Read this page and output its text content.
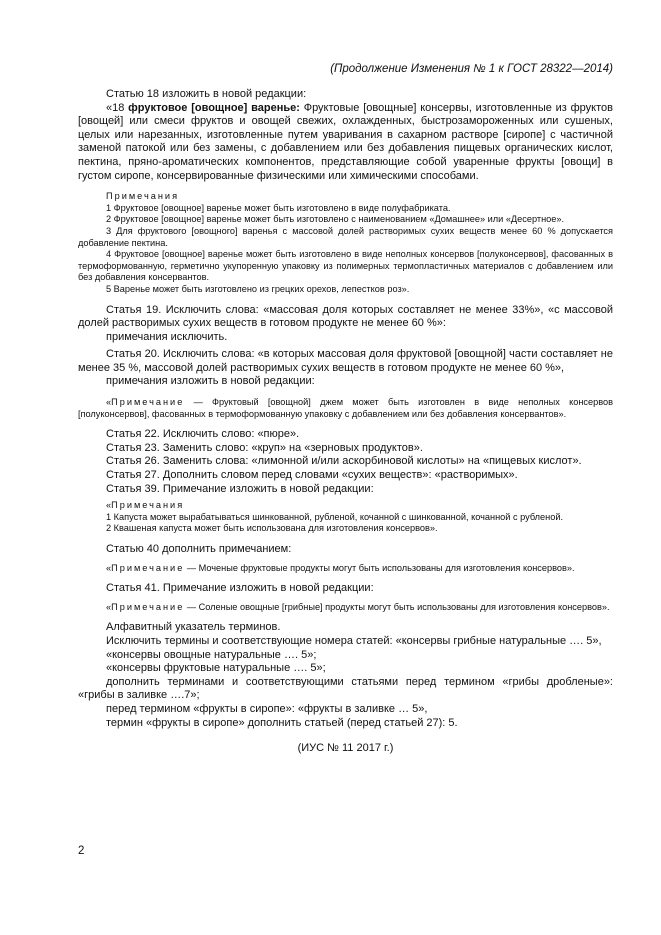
(Продолжение Изменения № 1 к ГОСТ 28322—2014)

Статью 18 изложить в новой редакции:

«18 фруктовое [овощное] варенье: Фруктовые [овощные] консервы, изготовленные из фруктов [овощей] или смеси фруктов и овощей свежих, охлажденных, быстрозамороженных или сушеных, целых или нарезанных, изготовленные путем уваривания в сахарном растворе [сиропе] с частичной заменой патокой или без замены, с добавлением или без добавления пищевых органических кислот, пектина, пряно-ароматических компонентов, представляющие собой уваренные фрукты [овощи] в густом сиропе, консервированные физическими или химическими способами.

Примечания

1 Фруктовое [овощное] варенье может быть изготовлено в виде полуфабриката.

2 Фруктовое [овощное] варенье может быть изготовлено с наименованием «Домашнее» или «Десертное».

3 Для фруктового [овощного] варенья с массовой долей растворимых сухих веществ менее 60 % допускается добавление пектина.

4 Фруктовое [овощное] варенье может быть изготовлено в виде неполных консервов [полуконсервов], фасованных в термоформованную, герметично укупоренную упаковку из полимерных термопластичных материалов с добавлением или без добавления консервантов.

5 Варенье может быть изготовлено из грецких орехов, лепестков роз».

Статья 19. Исключить слова: «массовая доля которых составляет не менее 33%», «с массовой долей растворимых сухих веществ в готовом продукте не менее 60 %»:

примечания исключить.

Статья 20. Исключить слова: «в которых массовая доля фруктовой [овощной] части составляет не менее 35 %, массовой долей растворимых сухих веществ в готовом продукте не менее 60 %»,

примечания изложить в новой редакции:

«Примечание — Фруктовый [овощной] джем может быть изготовлен в виде неполных консервов [полуконсервов], фасованных в термоформованную упаковку с добавлением или без добавления консервантов».

Статья 22. Исключить слово: «пюре».

Статья 23. Заменить слово: «круп» на «зерновых продуктов».

Статья 26. Заменить слова: «лимонной и/или аскорбиновой кислоты» на «пищевых кислот».

Статья 27. Дополнить словом перед словами «сухих веществ»: «растворимых».

Статья 39. Примечание изложить в новой редакции:

«Примечания

1 Капуста может вырабатываться шинкованной, рубленой, кочанной с шинкованной, кочанной с рубленой.

2 Квашеная капуста может быть использована для изготовления консервов».

Статью 40 дополнить примечанием:

«Примечание — Моченые фруктовые продукты могут быть использованы для изготовления консервов».

Статья 41. Примечание изложить в новой редакции:

«Примечание — Соленые овощные [грибные] продукты могут быть использованы для изготовления консервов».

Алфавитный указатель терминов.

Исключить термины и соответствующие номера статей: «консервы грибные натуральные …. 5»,

«консервы овощные натуральные …. 5»;

«консервы фруктовые натуральные …. 5»;

дополнить терминами и соответствующими статьями перед термином «грибы дробленые»: «грибы в заливке ….7»;

перед термином «фрукты в сиропе»: «фрукты в заливке … 5»,

термин «фрукты в сиропе» дополнить статьей (перед статьей 27): 5.

(ИУС № 11 2017 г.)

2
